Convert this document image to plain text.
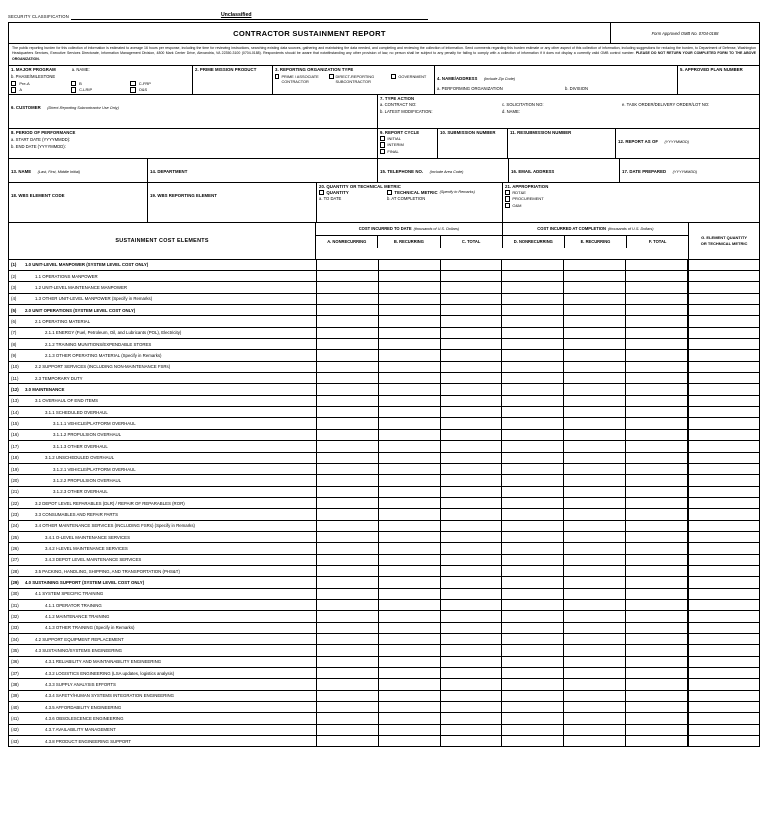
SECURITY CLASSIFICATION	Unclassified
CONTRACTOR SUSTAINMENT REPORT	Form Approved OMB No. 0704-0188
The public reporting burden for this collection of information is estimated to average 16 hours per response, including the time for reviewing instructions, searching existing data sources, gathering and maintaining the data needed, and completing and reviewing the collection of information. Send comments regarding this burden estimate or any other aspect of this collection of information, including suggestions for reducing the burden, to Department of Defense, Washington Headquarters Services, Executive Services Directorate, Information Management Division, 4800 Mark Center Drive, Alexandria, VA 22350-3100 (0704-0188). Respondents should be aware that notwithstanding any other provision of law, no person shall be subject to any penalty for failing to comply with a collection of information if it does not display a currently valid OMB control number. PLEASE DO NOT RETURN YOUR COMPLETED FORM TO THE ABOVE ORGANIZATION.
1. MAJOR PROGRAM	a. NAME:
b. PHASE/MILESTONE
Pre-A
A
B
C-LRIP
C-FRP
O&S
2. PRIME MISSION PRODUCT	3. REPORTING ORGANIZATION TYPE
PRIME / ASSOCIATE CONTRACTOR
DIRECT-REPORTING SUBCONTRACTOR
GOVERNMENT
4. NAME/ADDRESS (Include Zip Code)
a. PERFORMING ORGANIZATION	b. DIVISION
5. APPROVED PLAN NUMBER
6. CUSTOMER (Direct-Reporting Subcontractor Use Only)
7. TYPE ACTION
a. CONTRACT NO:
b. LATEST MODIFICATION:
c. SOLICITATION NO:
d. NAME:
e. TASK ORDER/DELIVERY ORDER/LOT NO:
8. PERIOD OF PERFORMANCE
a. START DATE (YYYYMMDD):
b. END DATE (YYYYMMDD):
9. REPORT CYCLE
INITIAL
INTERIM
FINAL
10. SUBMISSION NUMBER	11. RESUBMISSION NUMBER
12. REPORT AS OF (YYYYMMDD)
13. NAME (Last, First, Middle Initial)	14. DEPARTMENT	15. TELEPHONE NO. (Include Area Code)	16. EMAIL ADDRESS	17. DATE PREPARED (YYYYMMDD)
18. WBS ELEMENT CODE	19. WBS REPORTING ELEMENT
20. QUANTITY OR TECHNICAL METRIC
QUANTITY	TECHNICAL METRIC (Specify in Remarks)
a. TO DATE	b. AT COMPLETION
21. APPROPRIATION
RDT&E
PROCUREMENT
O&M
SUSTAINMENT COST ELEMENTS
COST INCURRED TO DATE (thousands of U.S. Dollars)	COST INCURRED AT COMPLETION (thousands of U.S. Dollars)
A. NONRECURRING	B. RECURRING	C. TOTAL	D. NONRECURRING	E. RECURRING	F. TOTAL
G. ELEMENT QUANTITY
OR TECHNICAL METRIC
(1)	1.0 UNIT-LEVEL MANPOWER (SYSTEM LEVEL COST ONLY)
(2)	1.1 OPERATIONS MANPOWER
(3)	1.2 UNIT-LEVEL MAINTENANCE MANPOWER
(4)	1.3 OTHER UNIT-LEVEL MANPOWER (Specify in Remarks)
(5)	2.0 UNIT OPERATIONS (SYSTEM LEVEL COST ONLY)
(6)	2.1 OPERATING MATERIAL
(7)	2.1.1 ENERGY (Fuel, Petroleum, Oil, and Lubricants (POL), Electricity)
(8)	2.1.2 TRAINING MUNITIONS/EXPENDABLE STORES
(9)	2.1.3 OTHER OPERATING MATERIAL (Specify in Remarks)
(10)	2.2 SUPPORT SERVICES (INCLUDING NON-MAINTENANCE FSRs)
(11)	2.3 TEMPORARY DUTY
(12)	3.0 MAINTENANCE
(13)	3.1 OVERHAUL OF END ITEMS
(14)	3.1.1 SCHEDULED OVERHAUL
(15)	3.1.1.1 VEHICLE/PLATFORM OVERHAUL
(16)	3.1.1.2 PROPULSION OVERHAUL
(17)	3.1.1.3 OTHER OVERHAUL
(18)	3.1.2 UNSCHEDULED OVERHAUL
(19)	3.1.2.1 VEHICLE/PLATFORM OVERHAUL
(20)	3.1.2.2 PROPULSION OVERHAUL
(21)	3.1.2.3 OTHER OVERHAUL
(22)	3.2 DEPOT LEVEL REPARABLES (DLR) / REPAIR OF REPARABLES (ROR)
(23)	3.3 CONSUMABLES AND REPAIR PARTS
(24)	3.4 OTHER MAINTENANCE SERVICES (INCLUDING FSRs) (Specify in Remarks)
(25)	3.4.1 O-LEVEL MAINTENANCE SERVICES
(26)	3.4.2 I-LEVEL MAINTENANCE SERVICES
(27)	3.4.3 DEPOT LEVEL MAINTENANCE SERVICES
(28)	3.5 PACKING, HANDLING, SHIPPING, AND TRANSPORTATION (PHS&T)
(29)	4.0 SUSTAINING SUPPORT (SYSTEM LEVEL COST ONLY)
(30)	4.1 SYSTEM SPECIFIC TRAINING
(31)	4.1.1 OPERATOR TRAINING
(32)	4.1.2 MAINTENANCE TRAINING
(33)	4.1.3 OTHER TRAINING (Specify in Remarks)
(34)	4.2 SUPPORT EQUIPMENT REPLACEMENT
(35)	4.3 SUSTAINING/SYSTEMS ENGINEERING
(36)	4.3.1 RELIABILITY AND MAINTAINABILITY ENGINEERING
(37)	4.3.2 LOGISTICS ENGINEERING (LSA updates, logistics analysis)
(38)	4.3.3 SUPPLY ANALYSIS EFFORTS
(39)	4.3.4 SAFETY/HUMAN SYSTEMS INTEGRATION ENGINEERING
(40)	4.3.5 AFFORDABILITY ENGINEERING
(41)	4.3.6 OBSOLESCENCE ENGINEERING
(42)	4.3.7 AVAILABILITY MANAGEMENT
(43)	4.3.8 PRODUCT ENGINEERING SUPPORT
